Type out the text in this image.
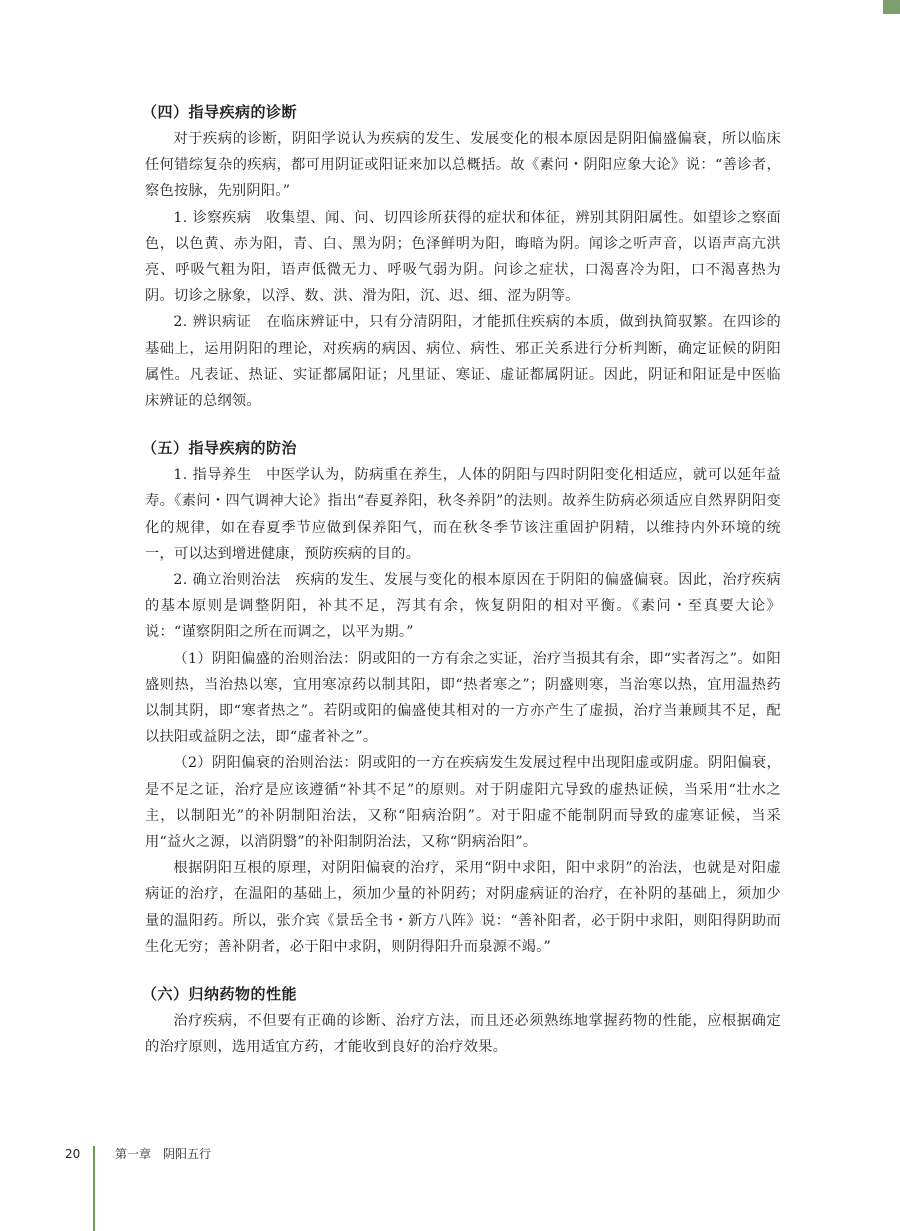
（四）指导疾病的诊断

对于疾病的诊断，阴阳学说认为疾病的发生、发展变化的根本原因是阴阳偏盛偏衰，所以临床任何错综复杂的疾病，都可用阴证或阳证来加以总概括。故《素问・阴阳应象大论》说：“善诊者，察色按脉，先别阴阳。”

1. 诊察疾病　收集望、闻、问、切四诊所获得的症状和体征，辨别其阴阳属性。如望诊之察面色，以色黄、赤为阳，青、白、黑为阴；色泽鲜明为阳，晦暗为阴。闻诊之听声音，以语声高亢洪亮、呼吸气粗为阳，语声低微无力、呼吸气弱为阴。问诊之症状，口渴喜冷为阳，口不渴喜热为阴。切诊之脉象，以浮、数、洪、滑为阳，沉、迟、细、涩为阴等。

2. 辨识病证　在临床辨证中，只有分清阴阳，才能抓住疾病的本质，做到执简驭繁。在四诊的基础上，运用阴阳的理论，对疾病的病因、病位、病性、邪正关系进行分析判断，确定证候的阴阳属性。凡表证、热证、实证都属阳证；凡里证、寒证、虚证都属阴证。因此，阴证和阳证是中医临床辨证的总纲领。

（五）指导疾病的防治

1. 指导养生　中医学认为，防病重在养生，人体的阴阳与四时阴阳变化相适应，就可以延年益寿。《素问・四气调神大论》指出“春夏养阳，秋冬养阴”的法则。故养生防病必须适应自然界阴阳变化的规律，如在春夏季节应做到保养阳气，而在秋冬季节该注重固护阴精，以维持内外环境的统一，可以达到增进健康，预防疾病的目的。

2. 确立治则治法　疾病的发生、发展与变化的根本原因在于阴阳的偏盛偏衰。因此，治疗疾病的基本原则是调整阴阳，补其不足，泻其有余，恢复阴阳的相对平衡。《素问・至真要大论》说：“谨察阴阳之所在而调之，以平为期。”

（1）阴阳偏盛的治则治法：阴或阳的一方有余之实证，治疗当损其有余，即“实者泻之”。如阳盛则热，当治热以寒，宜用寒凉药以制其阳，即“热者寒之”；阴盛则寒，当治寒以热，宜用温热药以制其阴，即“寒者热之”。若阴或阳的偏盛使其相对的一方亦产生了虚损，治疗当兼顾其不足，配以扶阳或益阴之法，即“虚者补之”。

（2）阴阳偏衰的治则治法：阴或阳的一方在疾病发生发展过程中出现阳虚或阴虚。阴阳偏衰，是不足之证，治疗是应该遵循“补其不足”的原则。对于阴虚阳亢导致的虚热证候，当采用“壮水之主，以制阳光”的补阴制阳治法，又称“阳病治阴”。对于阳虚不能制阴而导致的虚寒证候，当采用“益火之源，以消阴翳”的补阳制阴治法，又称“阴病治阳”。

根据阴阳互根的原理，对阴阳偏衰的治疗，采用“阴中求阳，阳中求阴”的治法，也就是对阳虚病证的治疗，在温阳的基础上，须加少量的补阴药；对阴虚病证的治疗，在补阴的基础上，须加少量的温阳药。所以，张介宾《景岳全书・新方八阵》说：“善补阳者，必于阴中求阳，则阳得阴助而生化无穷；善补阴者，必于阳中求阴，则阴得阳升而泉源不竭。”

（六）归纳药物的性能

治疗疾病，不但要有正确的诊断、治疗方法，而且还必须熟练地掌握药物的性能，应根据确定的治疗原则，选用适宜方药，才能收到良好的治疗效果。

20	第一章　阴阳五行
